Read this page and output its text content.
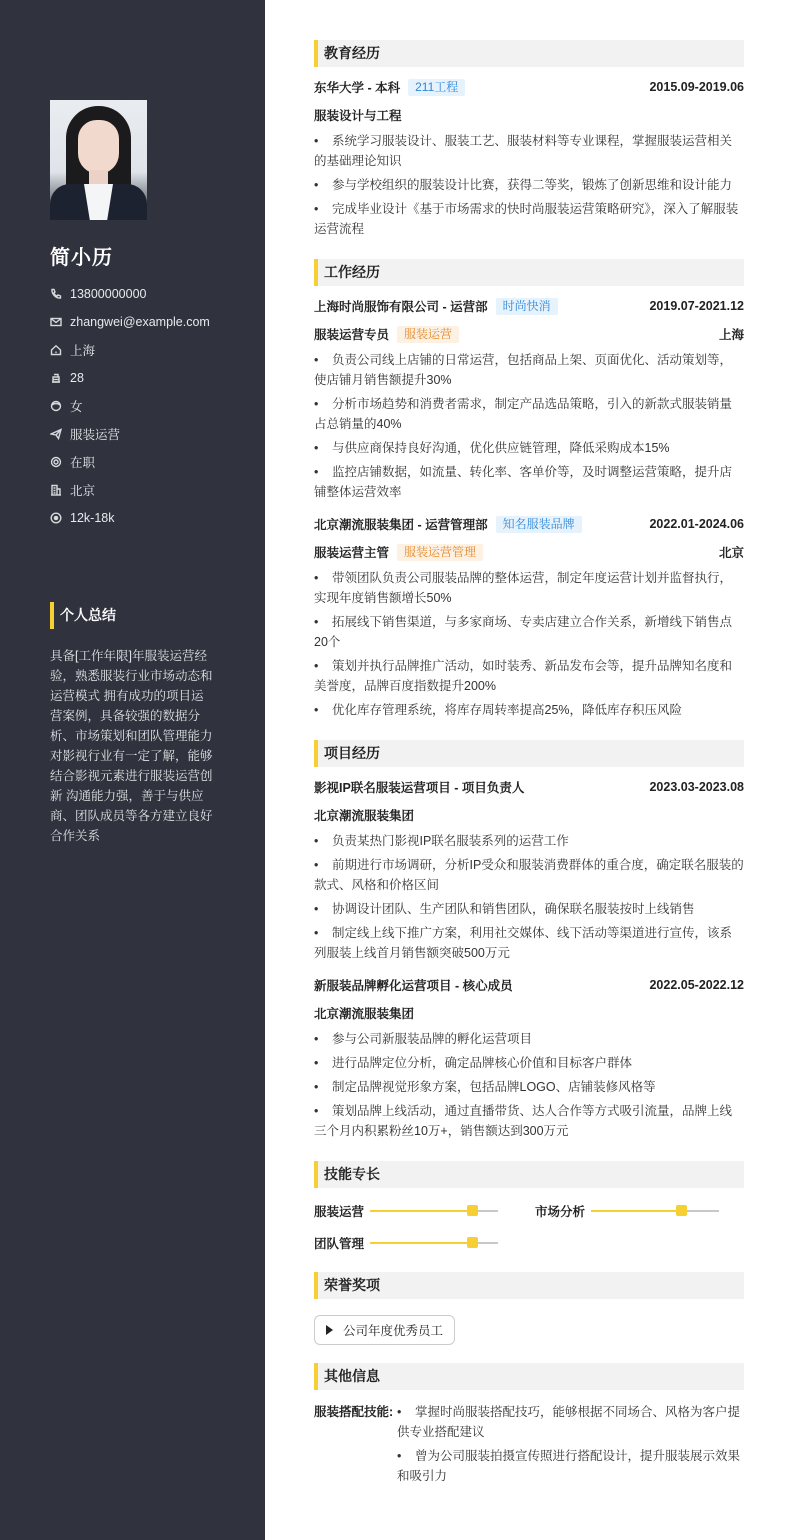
简小历
13800000000
zhangwei@example.com
上海
28
女
服装运营
在职
北京
12k-18k
个人总结
具备[工作年限]年服装运营经验，熟悉服装行业市场动态和运营模式 拥有成功的项目运营案例，具备较强的数据分析、市场策划和团队管理能力 对影视行业有一定了解，能够结合影视元素进行服装运营创新 沟通能力强，善于与供应商、团队成员等各方建立良好合作关系
教育经历
东华大学 - 本科	211工程	2015.09-2019.06
服装设计与工程
• 系统学习服装设计、服装工艺、服装材料等专业课程，掌握服装运营相关的基础理论知识
• 参与学校组织的服装设计比赛，获得二等奖，锻炼了创新思维和设计能力
• 完成毕业设计《基于市场需求的快时尚服装运营策略研究》，深入了解服装运营流程
工作经历
上海时尚服饰有限公司 - 运营部	时尚快消	2019.07-2021.12
服装运营专员	服装运营	上海
• 负责公司线上店铺的日常运营，包括商品上架、页面优化、活动策划等，使店铺月销售额提升30%
• 分析市场趋势和消费者需求，制定产品选品策略，引入的新款式服装销量占总销量的40%
• 与供应商保持良好沟通，优化供应链管理，降低采购成本15%
• 监控店铺数据，如流量、转化率、客单价等，及时调整运营策略，提升店铺整体运营效率
北京潮流服装集团 - 运营管理部	知名服装品牌	2022.01-2024.06
服装运营主管	服装运营管理	北京
• 带领团队负责公司服装品牌的整体运营，制定年度运营计划并监督执行，实现年度销售额增长50%
• 拓展线下销售渠道，与多家商场、专卖店建立合作关系，新增线下销售点20个
• 策划并执行品牌推广活动，如时装秀、新品发布会等，提升品牌知名度和美誉度，品牌百度指数提升200%
• 优化库存管理系统，将库存周转率提高25%，降低库存积压风险
项目经历
影视IP联名服装运营项目 - 项目负责人	2023.03-2023.08
北京潮流服装集团
• 负责某热门影视IP联名服装系列的运营工作
• 前期进行市场调研，分析IP受众和服装消费群体的重合度，确定联名服装的款式、风格和价格区间
• 协调设计团队、生产团队和销售团队，确保联名服装按时上线销售
• 制定线上线下推广方案，利用社交媒体、线下活动等渠道进行宣传，该系列服装上线首月销售额突破500万元
新服装品牌孵化运营项目 - 核心成员	2022.05-2022.12
北京潮流服装集团
• 参与公司新服装品牌的孵化运营项目
• 进行品牌定位分析，确定品牌核心价值和目标客户群体
• 制定品牌视觉形象方案，包括品牌LOGO、店铺装修风格等
• 策划品牌上线活动，通过直播带货、达人合作等方式吸引流量，品牌上线三个月内积累粉丝10万+，销售额达到300万元
技能专长
服装运营	市场分析
团队管理
荣誉奖项
公司年度优秀员工
其他信息
服装搭配技能: • 掌握时尚服装搭配技巧，能够根据不同场合、风格为客户提供专业搭配建议
• 曾为公司服装拍摄宣传照进行搭配设计，提升服装展示效果和吸引力
